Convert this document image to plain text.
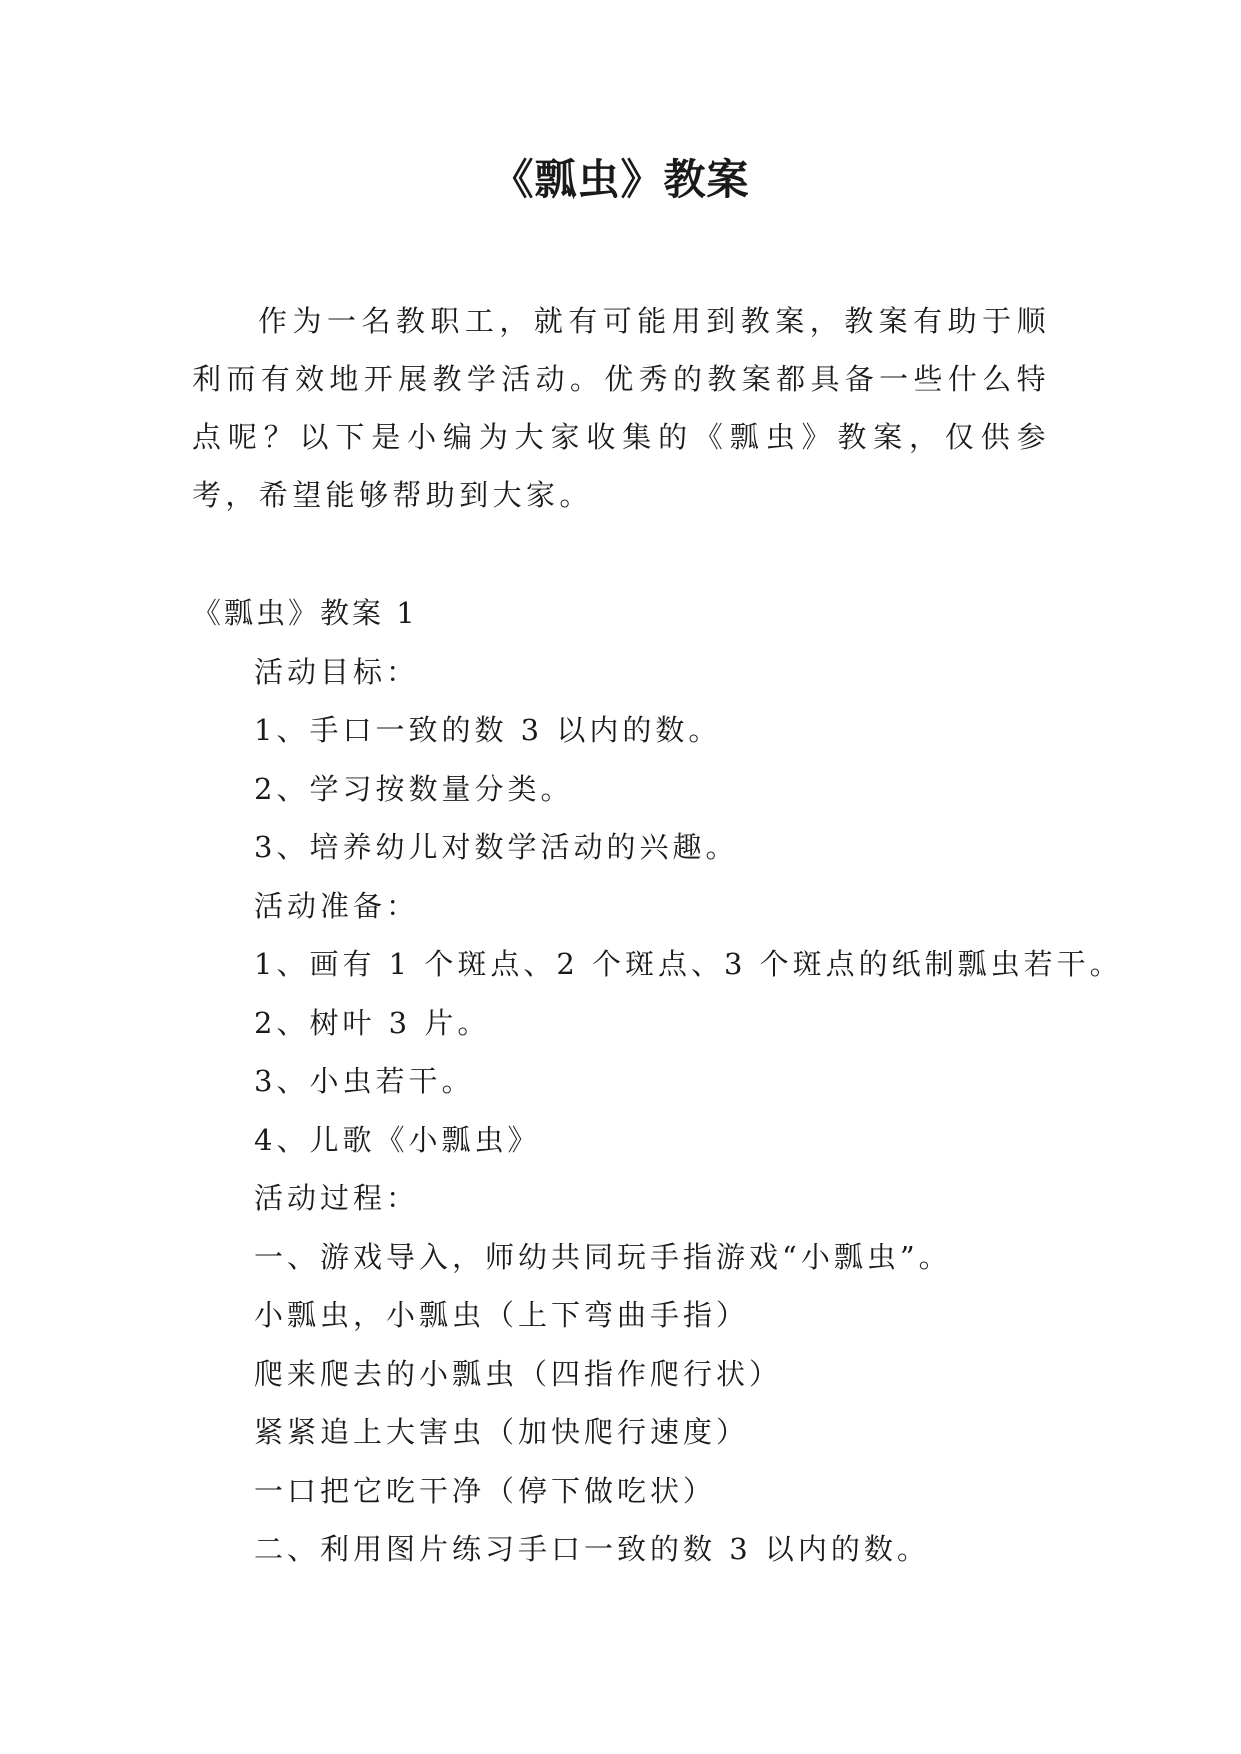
《瓢虫》教案

作为一名教职工，就有可能用到教案，教案有助于顺利而有效地开展教学活动。优秀的教案都具备一些什么特点呢？以下是小编为大家收集的《瓢虫》教案，仅供参考，希望能够帮助到大家。

《瓢虫》教案 1
活动目标：
1、手口一致的数 3 以内的数。
2、学习按数量分类。
3、培养幼儿对数学活动的兴趣。
活动准备：
1、画有 1 个斑点、2 个斑点、3 个斑点的纸制瓢虫若干。
2、树叶 3 片。
3、小虫若干。
4、儿歌《小瓢虫》
活动过程：
一、游戏导入，师幼共同玩手指游戏“小瓢虫”。
小瓢虫，小瓢虫（上下弯曲手指）
爬来爬去的小瓢虫（四指作爬行状）
紧紧追上大害虫（加快爬行速度）
一口把它吃干净（停下做吃状）
二、利用图片练习手口一致的数 3 以内的数。
